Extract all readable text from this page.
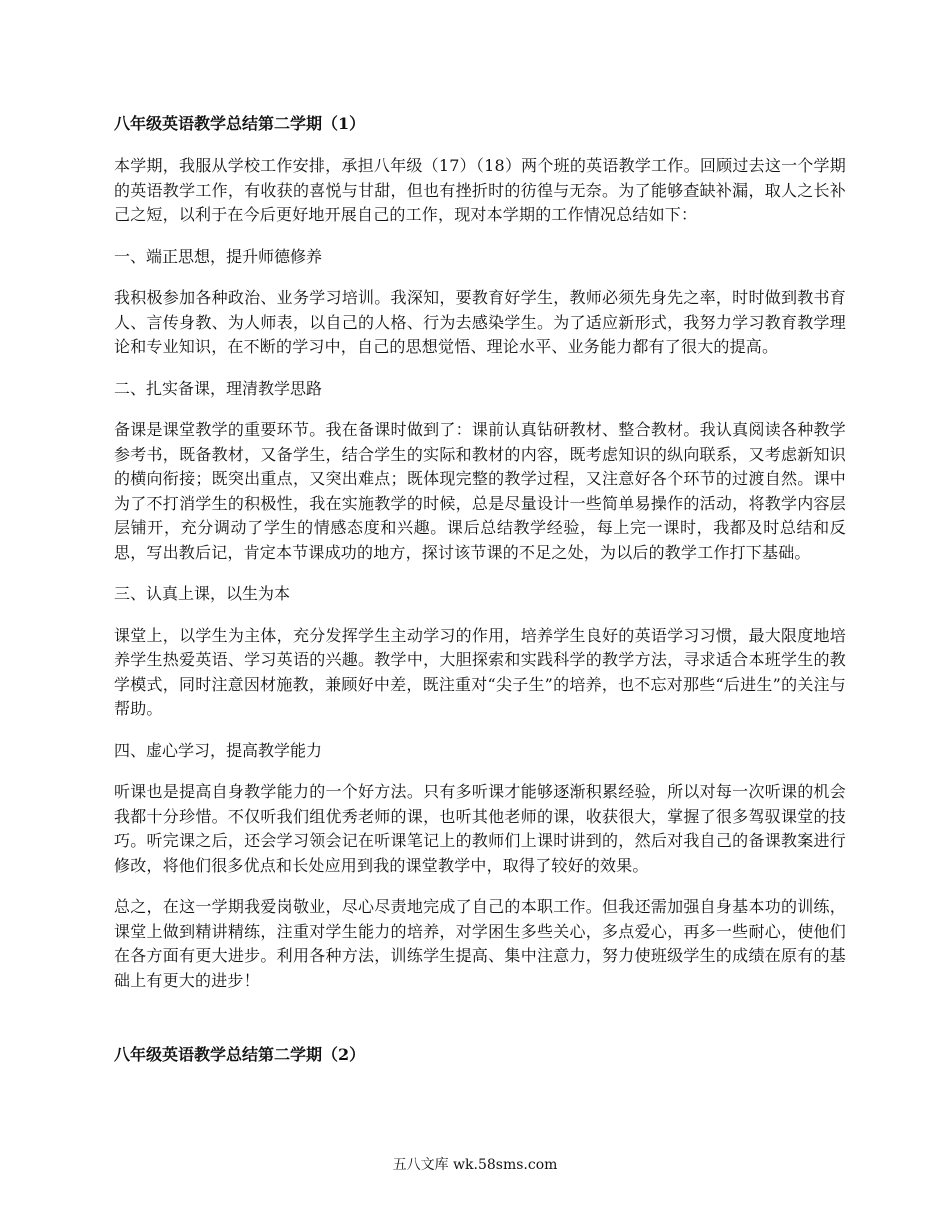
八年级英语教学总结第二学期（1）

本学期，我服从学校工作安排，承担八年级（17）（18）两个班的英语教学工作。回顾过去这一个学期的英语教学工作，有收获的喜悦与甘甜，但也有挫折时的彷徨与无奈。为了能够查缺补漏，取人之长补己之短，以利于在今后更好地开展自己的工作，现对本学期的工作情况总结如下：

一、端正思想，提升师德修养

我积极参加各种政治、业务学习培训。我深知，要教育好学生，教师必须先身先之率，时时做到教书育人、言传身教、为人师表，以自己的人格、行为去感染学生。为了适应新形式，我努力学习教育教学理论和专业知识，在不断的学习中，自己的思想觉悟、理论水平、业务能力都有了很大的提高。

二、扎实备课，理清教学思路

备课是课堂教学的重要环节。我在备课时做到了：课前认真钻研教材、整合教材。我认真阅读各种教学参考书，既备教材，又备学生，结合学生的实际和教材的内容，既考虑知识的纵向联系，又考虑新知识的横向衔接；既突出重点，又突出难点；既体现完整的教学过程，又注意好各个环节的过渡自然。课中为了不打消学生的积极性，我在实施教学的时候，总是尽量设计一些简单易操作的活动，将教学内容层层铺开，充分调动了学生的情感态度和兴趣。课后总结教学经验，每上完一课时，我都及时总结和反思，写出教后记，肯定本节课成功的地方，探讨该节课的不足之处，为以后的教学工作打下基础。

三、认真上课，以生为本

课堂上，以学生为主体，充分发挥学生主动学习的作用，培养学生良好的英语学习习惯，最大限度地培养学生热爱英语、学习英语的兴趣。教学中，大胆探索和实践科学的教学方法，寻求适合本班学生的教学模式，同时注意因材施教，兼顾好中差，既注重对“尖子生”的培养，也不忘对那些“后进生”的关注与帮助。

四、虚心学习，提高教学能力

听课也是提高自身教学能力的一个好方法。只有多听课才能够逐渐积累经验，所以对每一次听课的机会我都十分珍惜。不仅听我们组优秀老师的课，也听其他老师的课，收获很大，掌握了很多驾驭课堂的技巧。听完课之后，还会学习领会记在听课笔记上的教师们上课时讲到的，然后对我自己的备课教案进行修改，将他们很多优点和长处应用到我的课堂教学中，取得了较好的效果。

总之，在这一学期我爱岗敬业，尽心尽责地完成了自己的本职工作。但我还需加强自身基本功的训练，课堂上做到精讲精练，注重对学生能力的培养，对学困生多些关心，多点爱心，再多一些耐心，使他们在各方面有更大进步。利用各种方法，训练学生提高、集中注意力，努力使班级学生的成绩在原有的基础上有更大的进步！

八年级英语教学总结第二学期（2）
五八文库 wk.58sms.com
